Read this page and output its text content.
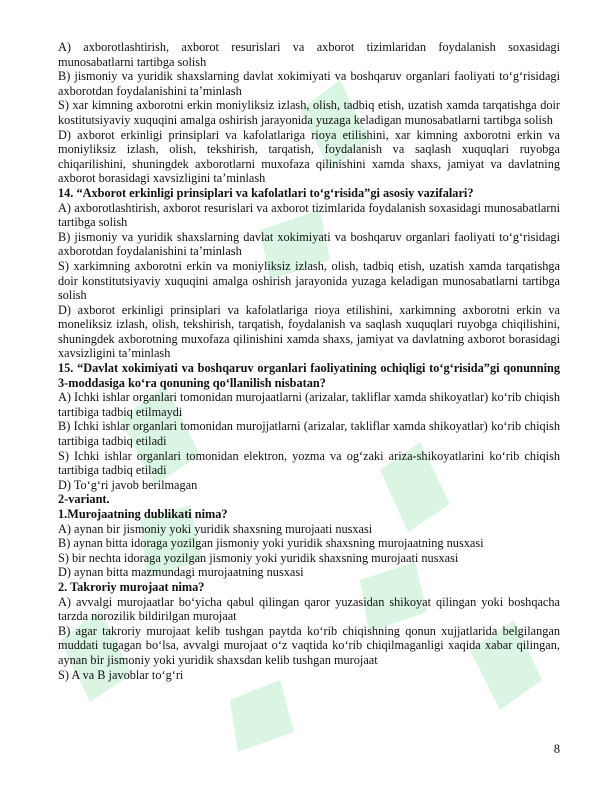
A) axborotlashtirish, axborot resurislari va axborot tizimlaridan foydalanish soxasidagi munosabatlarni tartibga solish

B) jismoniy va yuridik shaxslarning davlat xokimiyati va boshqaruv organlari faoliyati to‘g‘risidagi axborotdan foydalanishini ta’minlash

S) xar kimning axborotni erkin moniyliksiz izlash, olish, tadbiq etish, uzatish xamda tarqatishga doir kostitutsiyaviy xuquqini amalga oshirish jarayonida yuzaga keladigan munosabatlarni tartibga solish

D) axborot erkinligi prinsiplari va kafolatlariga rioya etilishini, xar kimning axborotni erkin va moniyliksiz izlash, olish, tekshirish, tarqatish, foydalanish va saqlash xuquqlari ruyobga chiqarilishini, shuningdek axborotlarni muxofaza qilinishini xamda shaxs, jamiyat va davlatning axborot borasidagi xavsizligini ta’minlash

14. “Axborot erkinligi prinsiplari va kafolatlari to‘g‘risida”gi asosiy vazifalari?

A) axborotlashtirish, axborot resurislari va axborot tizimlarida foydalanish soxasidagi munosabatlarni tartibga solish

B) jismoniy va yuridik shaxslarning davlat xokimiyati va boshqaruv organlari faoliyati to‘g‘risidagi axborotdan foydalanishini ta’minlash

S) xarkimning axborotni erkin va moniyliksiz izlash, olish, tadbiq etish, uzatish xamda tarqatishga doir konstitutsiyaviy xuquqini amalga oshirish jarayonida yuzaga keladigan munosabatlarni tartibga solish

D) axborot erkinligi prinsiplari va kafolatlariga rioya etilishini, xarkimning axborotni erkin va moneliksiz izlash, olish, tekshirish, tarqatish, foydalanish va saqlash xuquqlari ruyobga chiqilishini, shuningdek axborotning muxofaza qilinishini xamda shaxs, jamiyat va davlatning axborot borasidagi xavsizligini ta’minlash

15. “Davlat xokimiyati va boshqaruv organlari faoliyatining ochiqligi to‘g‘risida”gi qonunning 3-moddasiga ko‘ra qonuning qo‘llanilish nisbatan?

A) Ichki ishlar organlari tomonidan murojaatlarni (arizalar, takliflar xamda shikoyatlar) ko‘rib chiqish tartibiga tadbiq etilmaydi

B) Ichki ishlar organlari tomonidan murojjatlarni (arizalar, takliflar xamda shikoyatlar) ko‘rib chiqish tartibiga tadbiq etiladi

S) Ichki ishlar organlari tomonidan elektron, yozma va og‘zaki ariza-shikoyatlarini ko‘rib chiqish tartibiga tadbiq etiladi

D) To‘g‘ri javob berilmagan

2-variant.

1.Murojaatning dublikati nima?

A) aynan bir jismoniy yoki yuridik shaxsning murojaati nusxasi

B) aynan bitta idoraga yozilgan jismoniy yoki yuridik shaxsning murojaatning nusxasi

S) bir nechta idoraga yozilgan jismoniy yoki yuridik shaxsning murojaati nusxasi

D) aynan bitta mazmundagi murojaatning nusxasi

2. Takroriy murojaat nima?

A) avvalgi murojaatlar bo‘yicha qabul qilingan qaror yuzasidan shikoyat qilingan yoki boshqacha tarzda norozilik bildirilgan murojaat

B) agar takroriy murojaat kelib tushgan paytda ko‘rib chiqishning qonun xujjatlarida belgilangan muddati tugagan bo‘lsa, avvalgi murojaat o‘z vaqtida ko‘rib chiqilmaganligi xaqida xabar qilingan, aynan bir jismoniy yoki yuridik shaxsdan kelib tushgan murojaat

S) A va B javoblar to‘g‘ri

8
